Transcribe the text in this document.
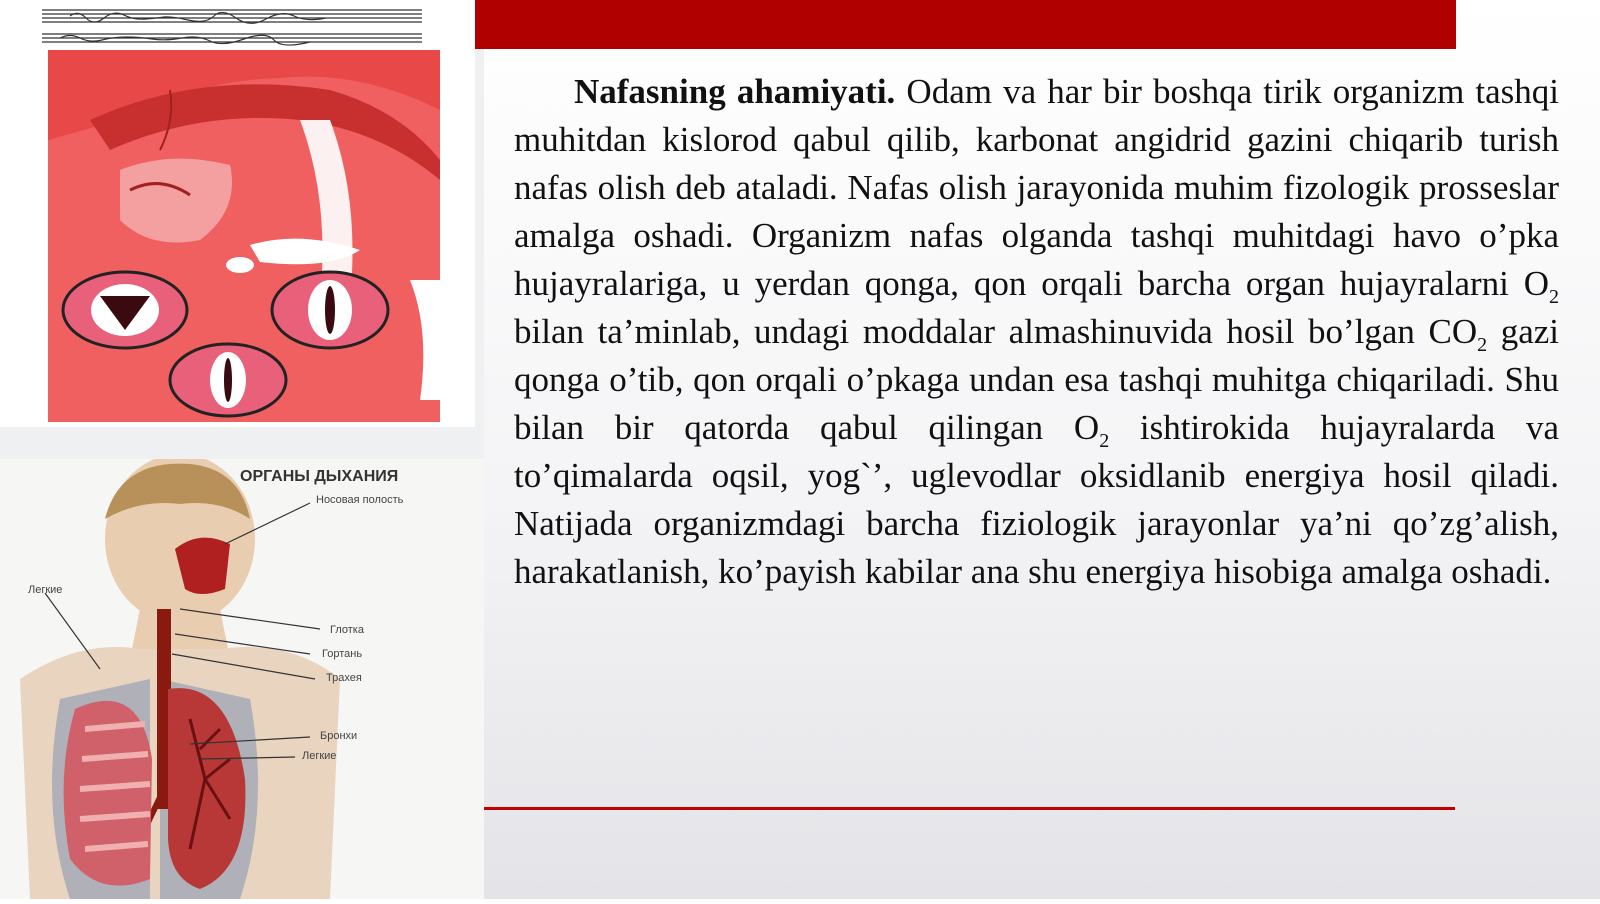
ОРГАНЫ ДЫХАНИЯ
Носовая полость
Легкие
Глотка
Гортань
Трахея
Бронхи
Легкие

Nafasning ahamiyati. Odam va har bir boshqa tirik organizm tashqi muhitdan kislorod qabul qilib, karbonat angidrid gazini chiqarib turish nafas olish deb ataladi. Nafas olish jarayonida muhim fizologik prosseslar amalga oshadi. Organizm nafas olganda tashqi muhitdagi havo o’pka hujayralariga, u yerdan qonga, qon orqali barcha organ hujayralarni $O_2$ bilan ta’minlab, undagi moddalar almashinuvida hosil bo’lgan $CO_2$ gazi qonga o’tib, qon orqali o’pkaga undan esa tashqi muhitga chiqariladi. Shu bilan bir qatorda qabul qilingan $O_2$ ishtirokida hujayralarda va to’qimalarda oqsil, yog`’, uglevodlar oksidlanib energiya hosil qiladi. Natijada organizmdagi barcha fiziologik jarayonlar ya’ni qo’zg’alish, harakatlanish, ko’payish kabilar ana shu energiya hisobiga amalga oshadi.
